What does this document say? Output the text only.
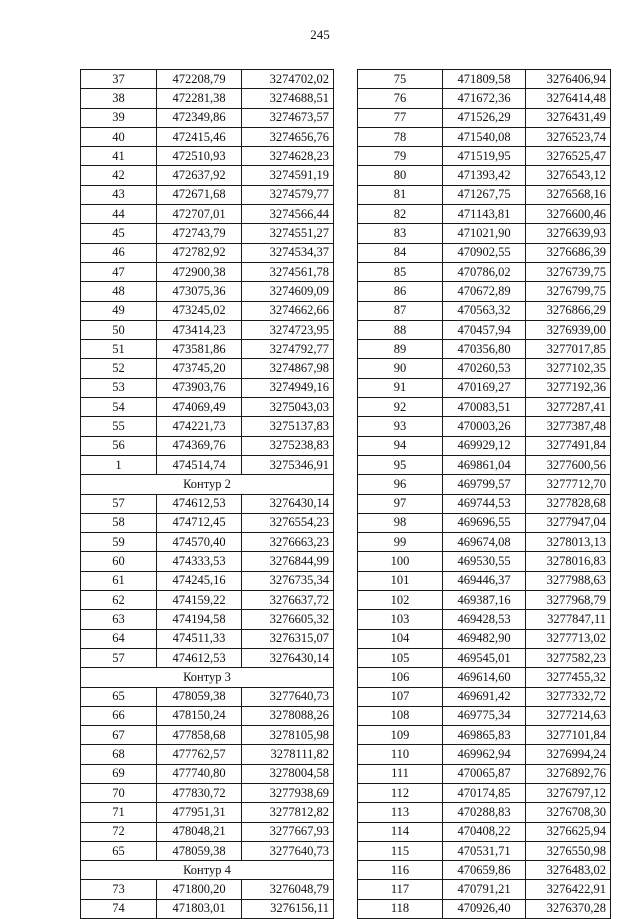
245
37	472208,79	3274702,02
38	472281,38	3274688,51
39	472349,86	3274673,57
40	472415,46	3274656,76
41	472510,93	3274628,23
42	472637,92	3274591,19
43	472671,68	3274579,77
44	472707,01	3274566,44
45	472743,79	3274551,27
46	472782,92	3274534,37
47	472900,38	3274561,78
48	473075,36	3274609,09
49	473245,02	3274662,66
50	473414,23	3274723,95
51	473581,86	3274792,77
52	473745,20	3274867,98
53	473903,76	3274949,16
54	474069,49	3275043,03
55	474221,73	3275137,83
56	474369,76	3275238,83
1	474514,74	3275346,91
Контур 2		
57	474612,53	3276430,14
58	474712,45	3276554,23
59	474570,40	3276663,23
60	474333,53	3276844,99
61	474245,16	3276735,34
62	474159,22	3276637,72
63	474194,58	3276605,32
64	474511,33	3276315,07
57	474612,53	3276430,14
Контур 3		
65	478059,38	3277640,73
66	478150,24	3278088,26
67	477858,68	3278105,98
68	477762,57	3278111,82
69	477740,80	3278004,58
70	477830,72	3277938,69
71	477951,31	3277812,82
72	478048,21	3277667,93
65	478059,38	3277640,73
Контур 4		
73	471800,20	3276048,79
74	471803,01	3276156,11
75	471809,58	3276406,94
76	471672,36	3276414,48
77	471526,29	3276431,49
78	471540,08	3276523,74
79	471519,95	3276525,47
80	471393,42	3276543,12
81	471267,75	3276568,16
82	471143,81	3276600,46
83	471021,90	3276639,93
84	470902,55	3276686,39
85	470786,02	3276739,75
86	470672,89	3276799,75
87	470563,32	3276866,29
88	470457,94	3276939,00
89	470356,80	3277017,85
90	470260,53	3277102,35
91	470169,27	3277192,36
92	470083,51	3277287,41
93	470003,26	3277387,48
94	469929,12	3277491,84
95	469861,04	3277600,56
96	469799,57	3277712,70
97	469744,53	3277828,68
98	469696,55	3277947,04
99	469674,08	3278013,13
100	469530,55	3278016,83
101	469446,37	3277988,63
102	469387,16	3277968,79
103	469428,53	3277847,11
104	469482,90	3277713,02
105	469545,01	3277582,23
106	469614,60	3277455,32
107	469691,42	3277332,72
108	469775,34	3277214,63
109	469865,83	3277101,84
110	469962,94	3276994,24
111	470065,87	3276892,76
112	470174,85	3276797,12
113	470288,83	3276708,30
114	470408,22	3276625,94
115	470531,71	3276550,98
116	470659,86	3276483,02
117	470791,21	3276422,91
118	470926,40	3276370,28
